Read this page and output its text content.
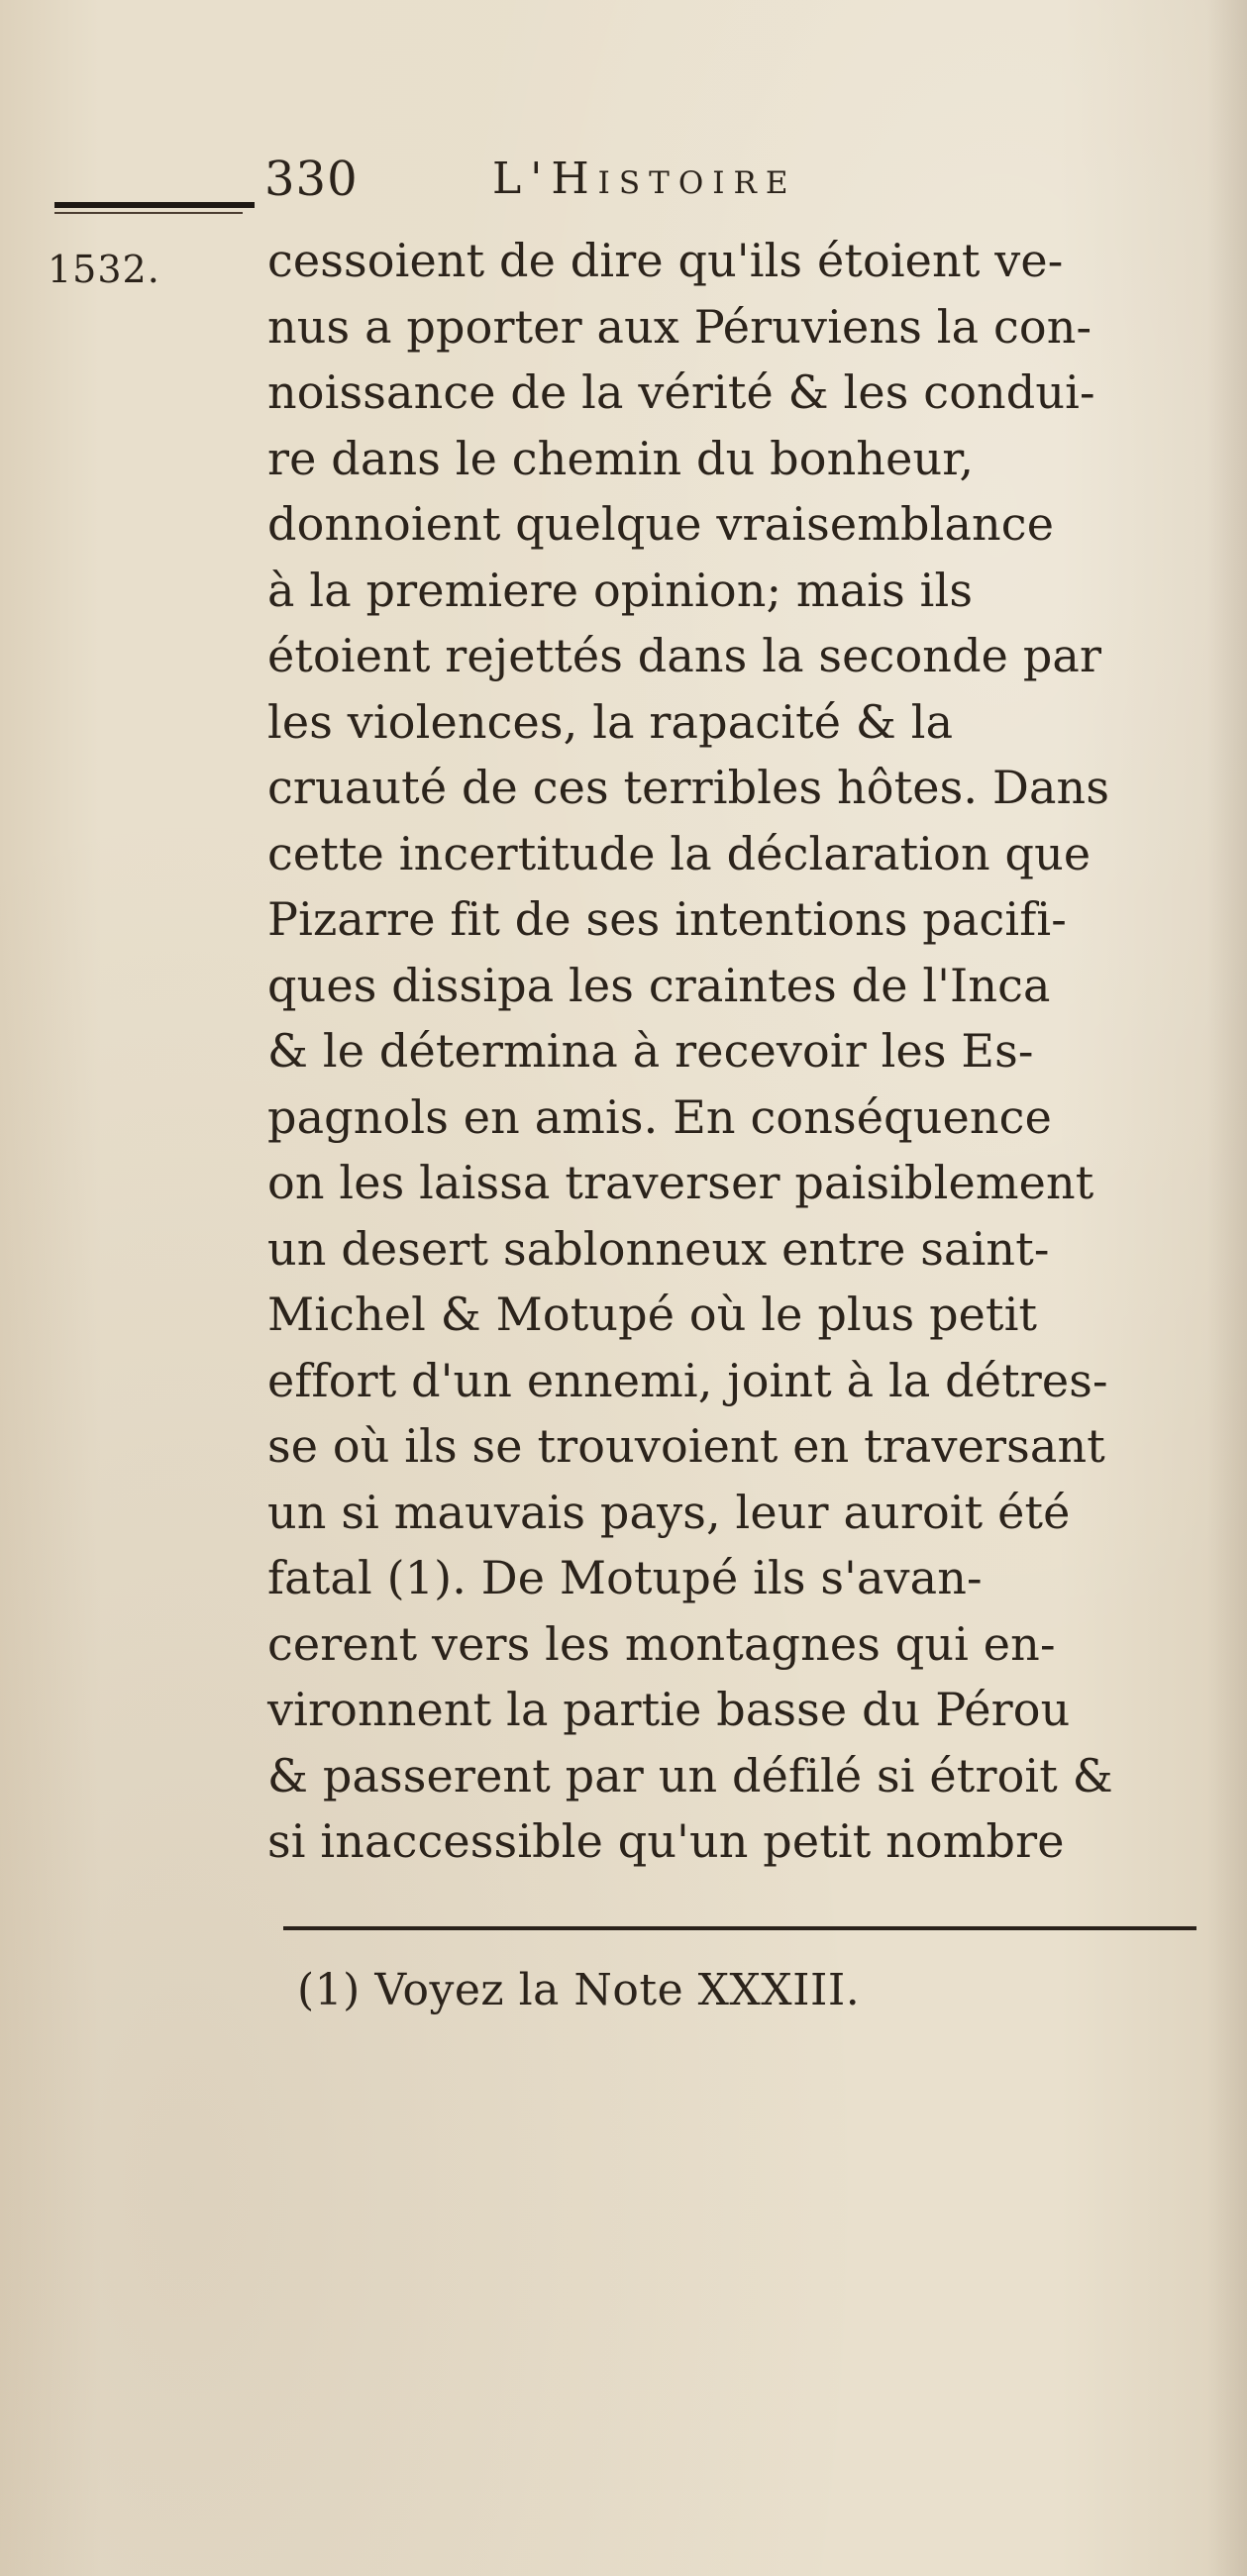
330	L'Histoire
1532. cessoient de dire qu'ils étoient ve-
nus a pporter aux Péruviens la con-
noissance de la vérité & les condui-
re dans le chemin du bonheur,
donnoient quelque vraisemblance
à la premiere opinion; mais ils
étoient rejettés dans la seconde par
les violences, la rapacité & la
cruauté de ces terribles hôtes. Dans
cette incertitude la déclaration que
Pizarre fit de ses intentions pacifi-
ques dissipa les craintes de l'Inca
& le détermina à recevoir les Es-
pagnols en amis. En conséquence
on les laissa traverser paisiblement
un desert sablonneux entre saint-
Michel & Motupé où le plus petit
effort d'un ennemi, joint à la détres-
se où ils se trouvoient en traversant
un si mauvais pays, leur auroit été
fatal (1). De Motupé ils s'avan-
cerent vers les montagnes qui en-
vironnent la partie basse du Pérou
& passerent par un défilé si étroit &
si inaccessible qu'un petit nombre
(1) Voyez la Note XXXIII.
